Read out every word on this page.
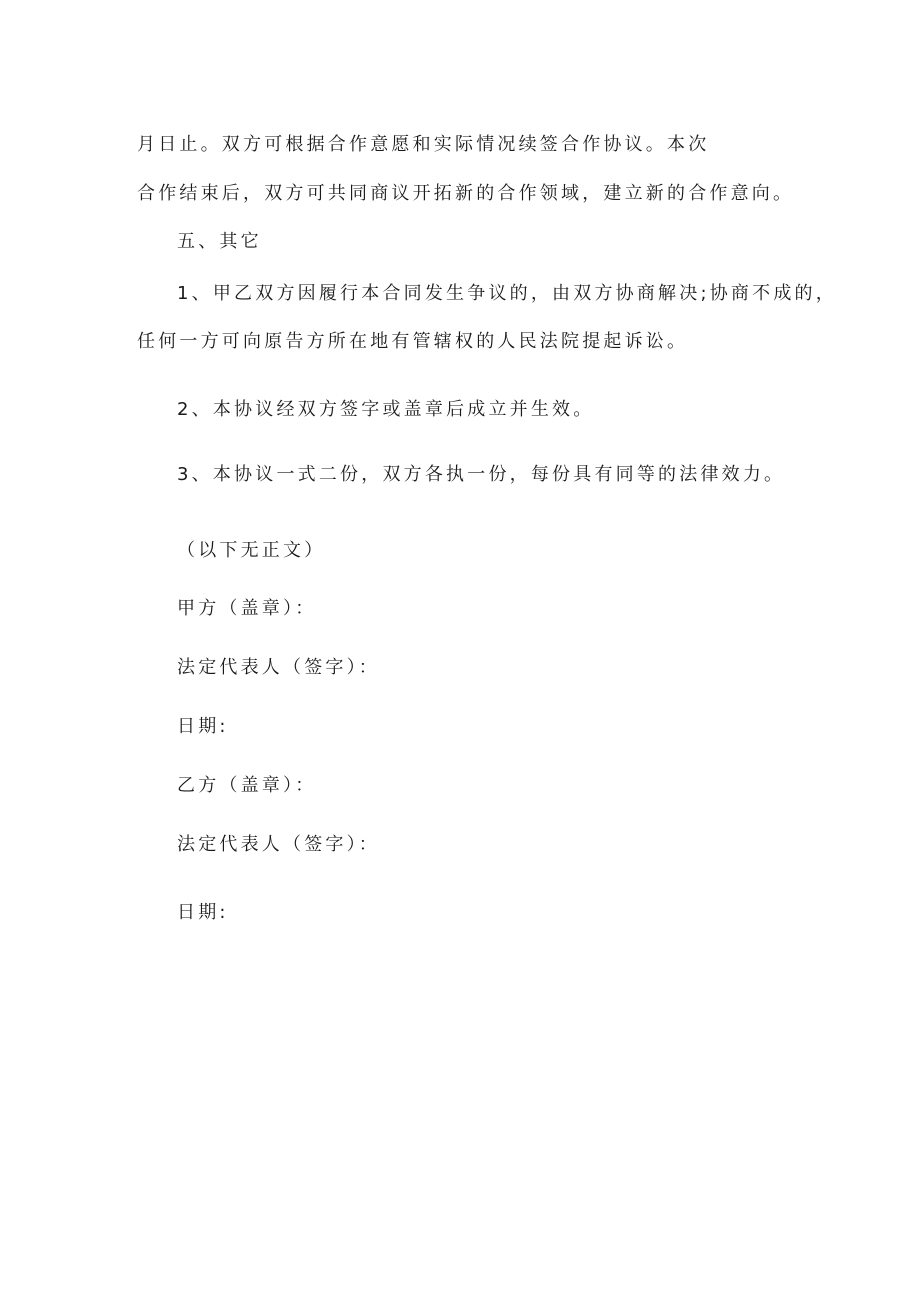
月日止。双方可根据合作意愿和实际情况续签合作协议。本次
合作结束后，双方可共同商议开拓新的合作领域，建立新的合作意向。
五、其它
1、甲乙双方因履行本合同发生争议的，由双方协商解决;协商不成的，
任何一方可向原告方所在地有管辖权的人民法院提起诉讼。
2、本协议经双方签字或盖章后成立并生效。
3、本协议一式二份，双方各执一份，每份具有同等的法律效力。
（以下无正文）
甲方（盖章）：
法定代表人（签字）：
日期:
乙方（盖章）：
法定代表人（签字）：
日期:
